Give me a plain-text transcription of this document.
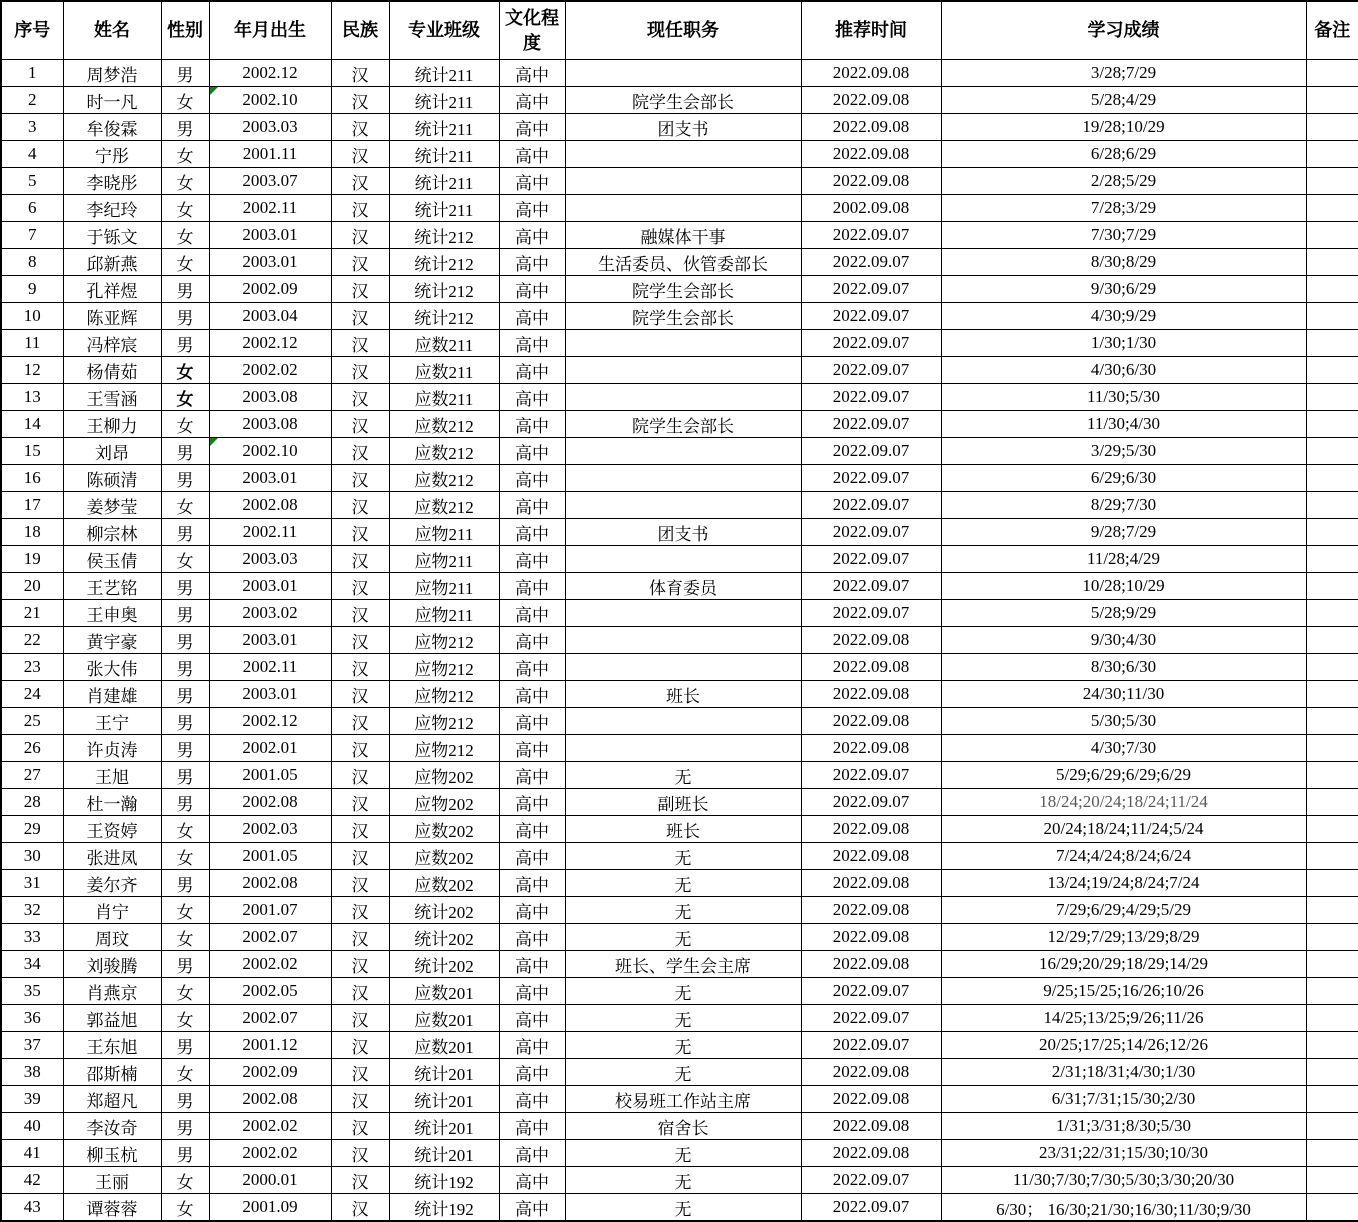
序号	姓名	性别	年月出生	民族	专业班级	文化程度	现任职务	推荐时间	学习成绩	备注
1	周梦浩	男	2002.12	汉	统计211	高中		2022.09.08	3/28;7/29	
2	时一凡	女	2002.10	汉	统计211	高中	院学生会部长	2022.09.08	5/28;4/29	
3	牟俊霖	男	2003.03	汉	统计211	高中	团支书	2022.09.08	19/28;10/29	
4	宁彤	女	2001.11	汉	统计211	高中		2022.09.08	6/28;6/29	
5	李晓彤	女	2003.07	汉	统计211	高中		2022.09.08	2/28;5/29	
6	李纪玲	女	2002.11	汉	统计211	高中		2002.09.08	7/28;3/29	
7	于铄文	女	2003.01	汉	统计212	高中	融媒体干事	2022.09.07	7/30;7/29	
8	邱新燕	女	2003.01	汉	统计212	高中	生活委员、伙管委部长	2022.09.07	8/30;8/29	
9	孔祥煜	男	2002.09	汉	统计212	高中	院学生会部长	2022.09.07	9/30;6/29	
10	陈亚辉	男	2003.04	汉	统计212	高中	院学生会部长	2022.09.07	4/30;9/29	
11	冯梓宸	男	2002.12	汉	应数211	高中		2022.09.07	1/30;1/30	
12	杨倩茹	女	2002.02	汉	应数211	高中		2022.09.07	4/30;6/30	
13	王雪涵	女	2003.08	汉	应数211	高中		2022.09.07	11/30;5/30	
14	王柳力	女	2003.08	汉	应数212	高中	院学生会部长	2022.09.07	11/30;4/30	
15	刘昂	男	2002.10	汉	应数212	高中		2022.09.07	3/29;5/30	
16	陈硕清	男	2003.01	汉	应数212	高中		2022.09.07	6/29;6/30	
17	姜梦莹	女	2002.08	汉	应数212	高中		2022.09.07	8/29;7/30	
18	柳宗林	男	2002.11	汉	应物211	高中	团支书	2022.09.07	9/28;7/29	
19	侯玉倩	女	2003.03	汉	应物211	高中		2022.09.07	11/28;4/29	
20	王艺铭	男	2003.01	汉	应物211	高中	体育委员	2022.09.07	10/28;10/29	
21	王申奥	男	2003.02	汉	应物211	高中		2022.09.07	5/28;9/29	
22	黄宇豪	男	2003.01	汉	应物212	高中		2022.09.08	9/30;4/30	
23	张大伟	男	2002.11	汉	应物212	高中		2022.09.08	8/30;6/30	
24	肖建雄	男	2003.01	汉	应物212	高中	班长	2022.09.08	24/30;11/30	
25	王宁	男	2002.12	汉	应物212	高中		2022.09.08	5/30;5/30	
26	许贞涛	男	2002.01	汉	应物212	高中		2022.09.08	4/30;7/30	
27	王旭	男	2001.05	汉	应物202	高中	无	2022.09.07	5/29;6/29;6/29;6/29	
28	杜一瀚	男	2002.08	汉	应物202	高中	副班长	2022.09.07	18/24;20/24;18/24;11/24	
29	王资婷	女	2002.03	汉	应数202	高中	班长	2022.09.08	20/24;18/24;11/24;5/24	
30	张进凤	女	2001.05	汉	应数202	高中	无	2022.09.08	7/24;4/24;8/24;6/24	
31	姜尔齐	男	2002.08	汉	应数202	高中	无	2022.09.08	13/24;19/24;8/24;7/24	
32	肖宁	女	2001.07	汉	统计202	高中	无	2022.09.08	7/29;6/29;4/29;5/29	
33	周玟	女	2002.07	汉	统计202	高中	无	2022.09.08	12/29;7/29;13/29;8/29	
34	刘骏腾	男	2002.02	汉	统计202	高中	班长、学生会主席	2022.09.08	16/29;20/29;18/29;14/29	
35	肖燕京	女	2002.05	汉	应数201	高中	无	2022.09.07	9/25;15/25;16/26;10/26	
36	郭益旭	女	2002.07	汉	应数201	高中	无	2022.09.07	14/25;13/25;9/26;11/26	
37	王东旭	男	2001.12	汉	应数201	高中	无	2022.09.07	20/25;17/25;14/26;12/26	
38	邵斯楠	女	2002.09	汉	统计201	高中	无	2022.09.08	2/31;18/31;4/30;1/30	
39	郑超凡	男	2002.08	汉	统计201	高中	校易班工作站主席	2022.09.08	6/31;7/31;15/30;2/30	
40	李汝奇	男	2002.02	汉	统计201	高中	宿舍长	2022.09.08	1/31;3/31;8/30;5/30	
41	柳玉杭	男	2002.02	汉	统计201	高中	无	2022.09.08	23/31;22/31;15/30;10/30	
42	王丽	女	2000.01	汉	统计192	高中	无	2022.09.07	11/30;7/30;7/30;5/30;3/30;20/30	
43	谭蓉蓉	女	2001.09	汉	统计192	高中	无	2022.09.07	6/30； 16/30;21/30;16/30;11/30;9/30	
